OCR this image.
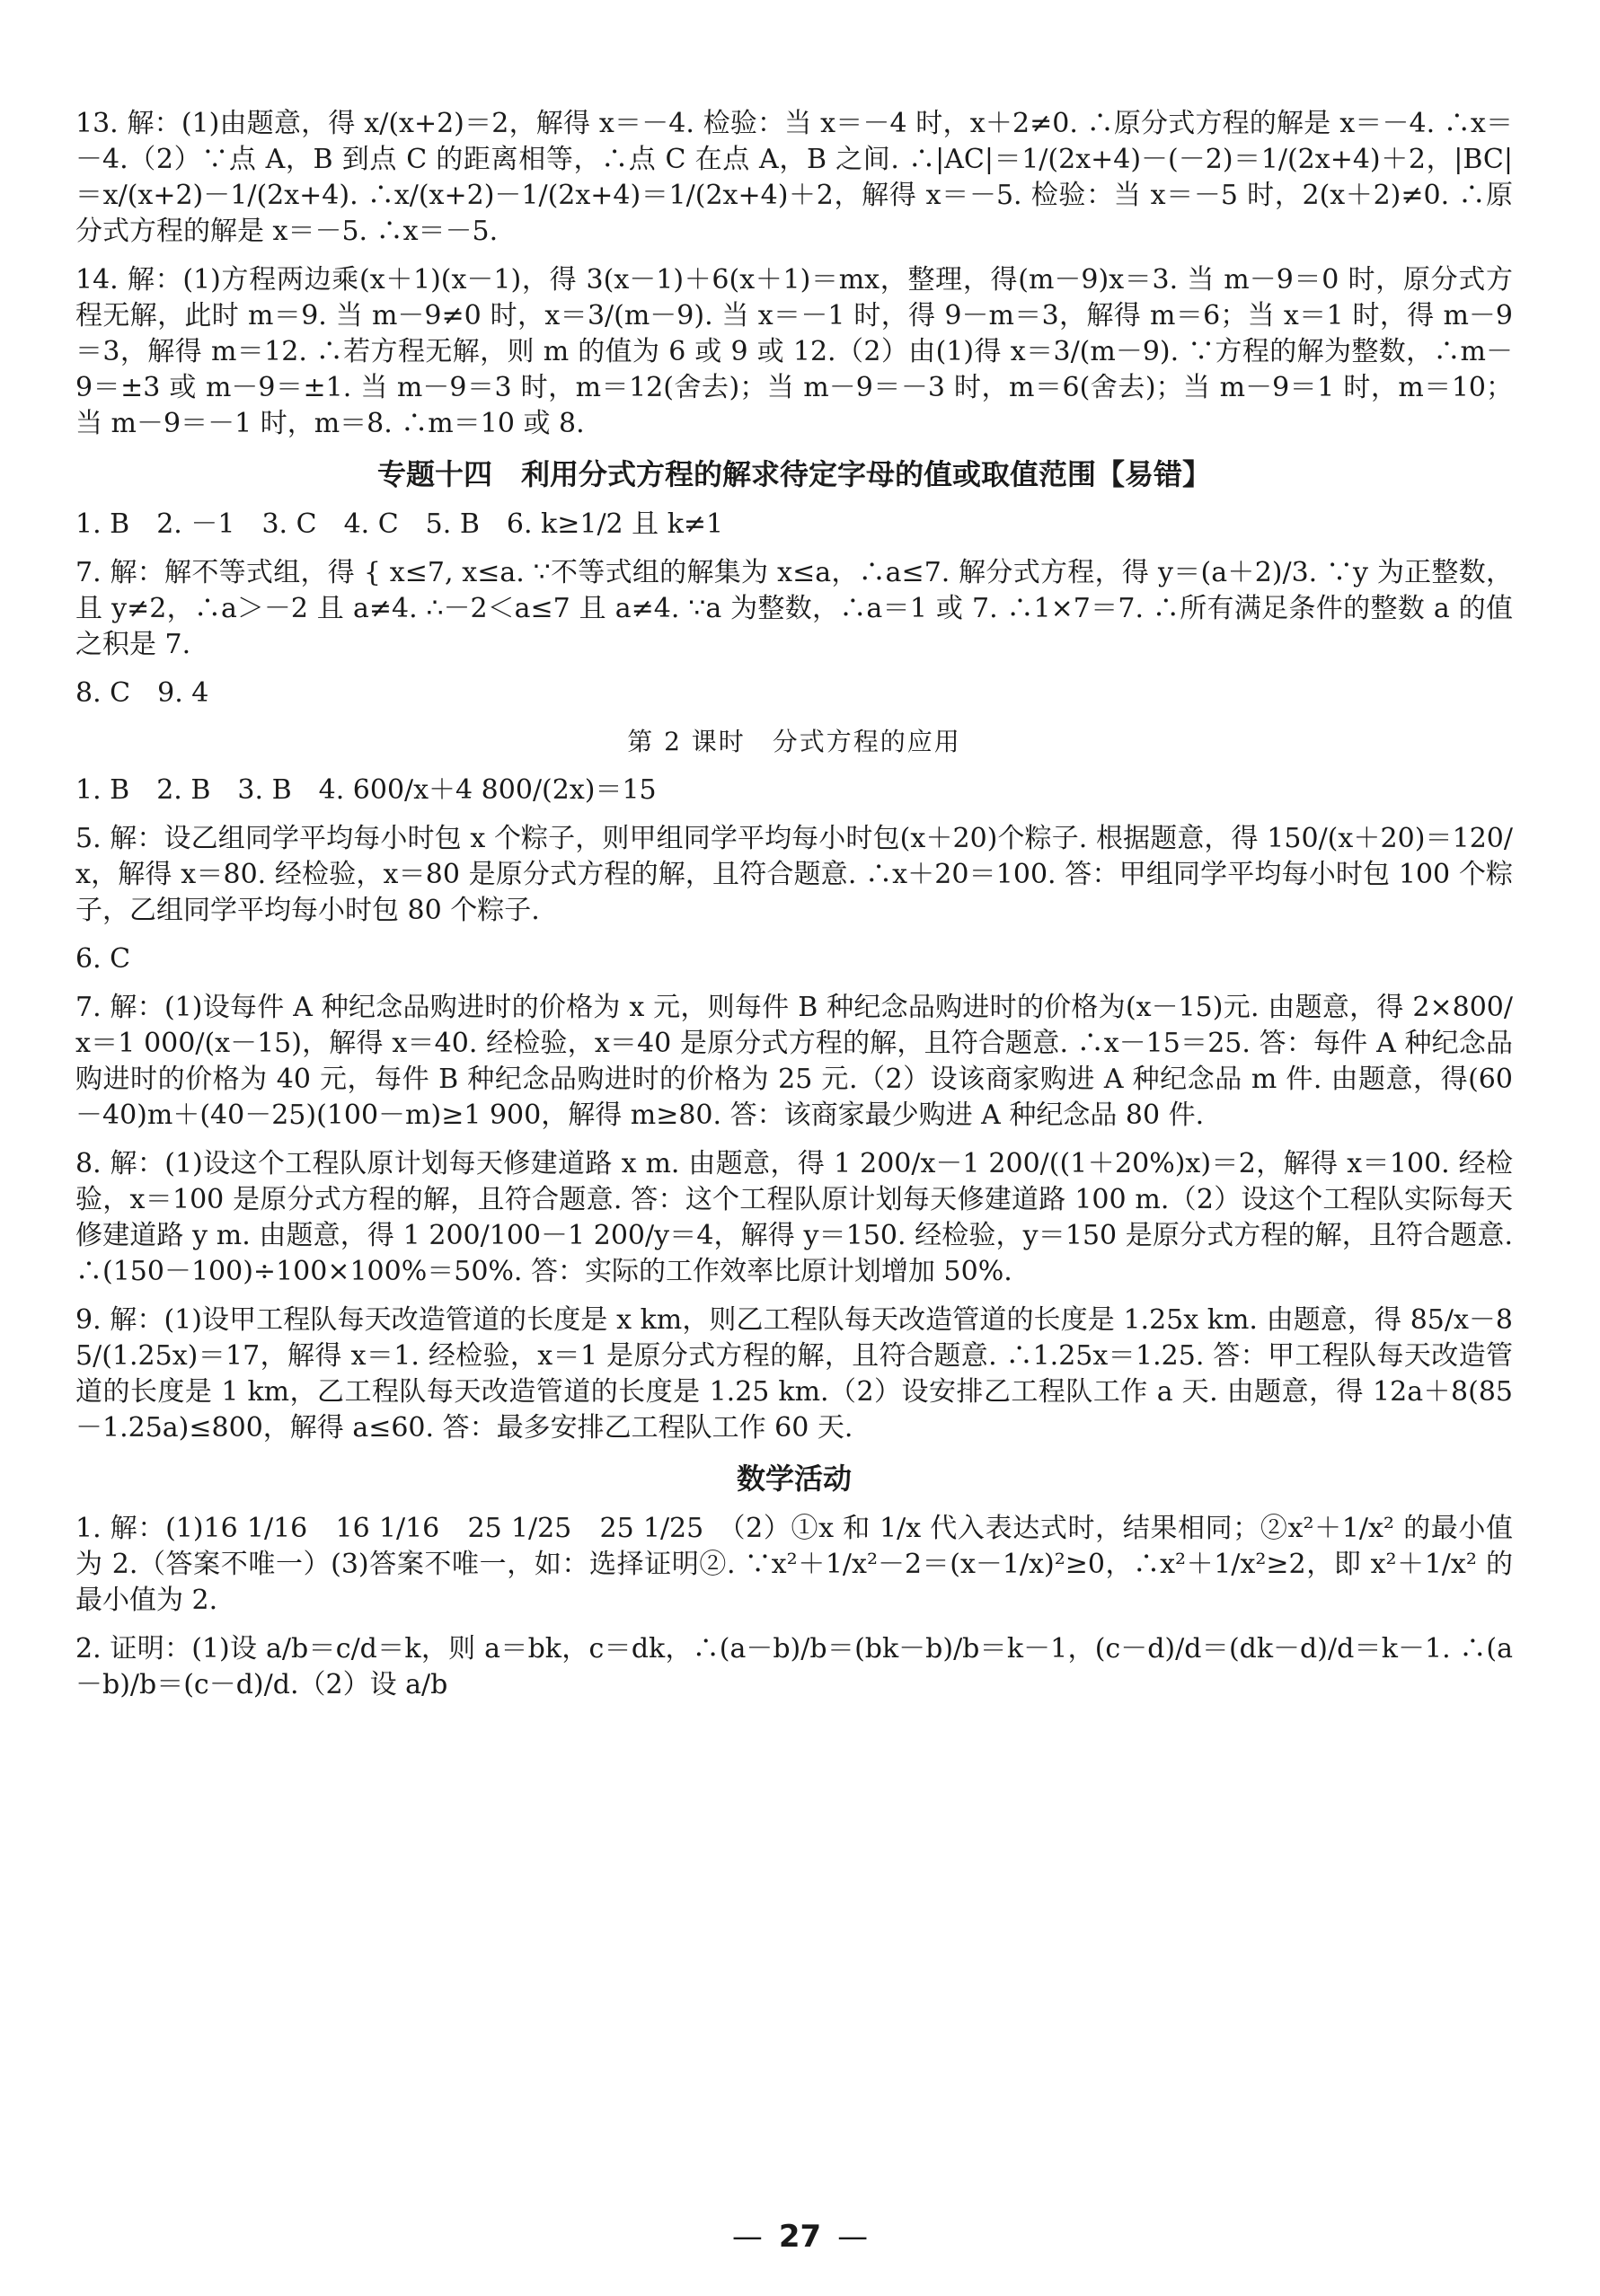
13. 解：(1)由题意，得 x/(x+2)＝2，解得 x＝－4. 检验：当 x＝－4 时，x＋2≠0. ∴原分式方程的解是 x＝－4. ∴x＝－4.（2）∵点 A，B 到点 C 的距离相等，∴点 C 在点 A，B 之间. ∴|AC|＝1/(2x+4)－(－2)＝1/(2x+4)＋2，|BC|＝x/(x+2)－1/(2x+4). ∴x/(x+2)－1/(2x+4)＝1/(2x+4)＋2，解得 x＝－5. 检验：当 x＝－5 时，2(x＋2)≠0. ∴原分式方程的解是 x＝－5. ∴x＝－5.
14. 解：(1)方程两边乘(x＋1)(x－1)，得 3(x－1)＋6(x＋1)＝mx，整理，得(m－9)x＝3. 当 m－9＝0 时，原分式方程无解，此时 m＝9. 当 m－9≠0 时，x＝3/(m－9). 当 x＝－1 时，得 9－m＝3，解得 m＝6；当 x＝1 时，得 m－9＝3，解得 m＝12. ∴若方程无解，则 m 的值为 6 或 9 或 12.（2）由(1)得 x＝3/(m－9). ∵方程的解为整数，∴m－9＝±3 或 m－9＝±1. 当 m－9＝3 时，m＝12(舍去)；当 m－9＝－3 时，m＝6(舍去)；当 m－9＝1 时，m＝10；当 m－9＝－1 时，m＝8. ∴m＝10 或 8.
专题十四　利用分式方程的解求待定字母的值或取值范围【易错】
1. B　2. －1　3. C　4. C　5. B　6. k≥1/2 且 k≠1
7. 解：解不等式组，得 { x≤7, x≤a. ∵不等式组的解集为 x≤a，∴a≤7. 解分式方程，得 y＝(a＋2)/3. ∵y 为正整数，且 y≠2，∴a＞－2 且 a≠4. ∴－2＜a≤7 且 a≠4. ∵a 为整数，∴a＝1 或 7. ∴1×7＝7. ∴所有满足条件的整数 a 的值之积是 7.
8. C　9. 4
第 2 课时　分式方程的应用
1. B　2. B　3. B　4. 600/x＋4 800/(2x)＝15
5. 解：设乙组同学平均每小时包 x 个粽子，则甲组同学平均每小时包(x＋20)个粽子. 根据题意，得 150/(x＋20)＝120/x，解得 x＝80. 经检验，x＝80 是原分式方程的解，且符合题意. ∴x＋20＝100. 答：甲组同学平均每小时包 100 个粽子，乙组同学平均每小时包 80 个粽子.
6. C
7. 解：(1)设每件 A 种纪念品购进时的价格为 x 元，则每件 B 种纪念品购进时的价格为(x－15)元. 由题意，得 2×800/x＝1 000/(x－15)，解得 x＝40. 经检验，x＝40 是原分式方程的解，且符合题意. ∴x－15＝25. 答：每件 A 种纪念品购进时的价格为 40 元，每件 B 种纪念品购进时的价格为 25 元.（2）设该商家购进 A 种纪念品 m 件. 由题意，得(60－40)m＋(40－25)(100－m)≥1 900，解得 m≥80. 答：该商家最少购进 A 种纪念品 80 件.
8. 解：(1)设这个工程队原计划每天修建道路 x m. 由题意，得 1 200/x－1 200/((1＋20%)x)＝2，解得 x＝100. 经检验，x＝100 是原分式方程的解，且符合题意. 答：这个工程队原计划每天修建道路 100 m.（2）设这个工程队实际每天修建道路 y m. 由题意，得 1 200/100－1 200/y＝4，解得 y＝150. 经检验，y＝150 是原分式方程的解，且符合题意. ∴(150－100)÷100×100%＝50%. 答：实际的工作效率比原计划增加 50%.
9. 解：(1)设甲工程队每天改造管道的长度是 x km，则乙工程队每天改造管道的长度是 1.25x km. 由题意，得 85/x－85/(1.25x)＝17，解得 x＝1. 经检验，x＝1 是原分式方程的解，且符合题意. ∴1.25x＝1.25. 答：甲工程队每天改造管道的长度是 1 km，乙工程队每天改造管道的长度是 1.25 km.（2）设安排乙工程队工作 a 天. 由题意，得 12a＋8(85－1.25a)≤800，解得 a≤60. 答：最多安排乙工程队工作 60 天.
数学活动
1. 解：(1)16 1/16　16 1/16　25 1/25　25 1/25　（2）①x 和 1/x 代入表达式时，结果相同；②x²＋1/x² 的最小值为 2.（答案不唯一）(3)答案不唯一，如：选择证明②. ∵x²＋1/x²－2＝(x－1/x)²≥0，∴x²＋1/x²≥2，即 x²＋1/x² 的最小值为 2.
2. 证明：(1)设 a/b＝c/d＝k，则 a＝bk，c＝dk，∴(a－b)/b＝(bk－b)/b＝k－1，(c－d)/d＝(dk－d)/d＝k－1. ∴(a－b)/b＝(c－d)/d.（2）设 a/b
— 27 —
